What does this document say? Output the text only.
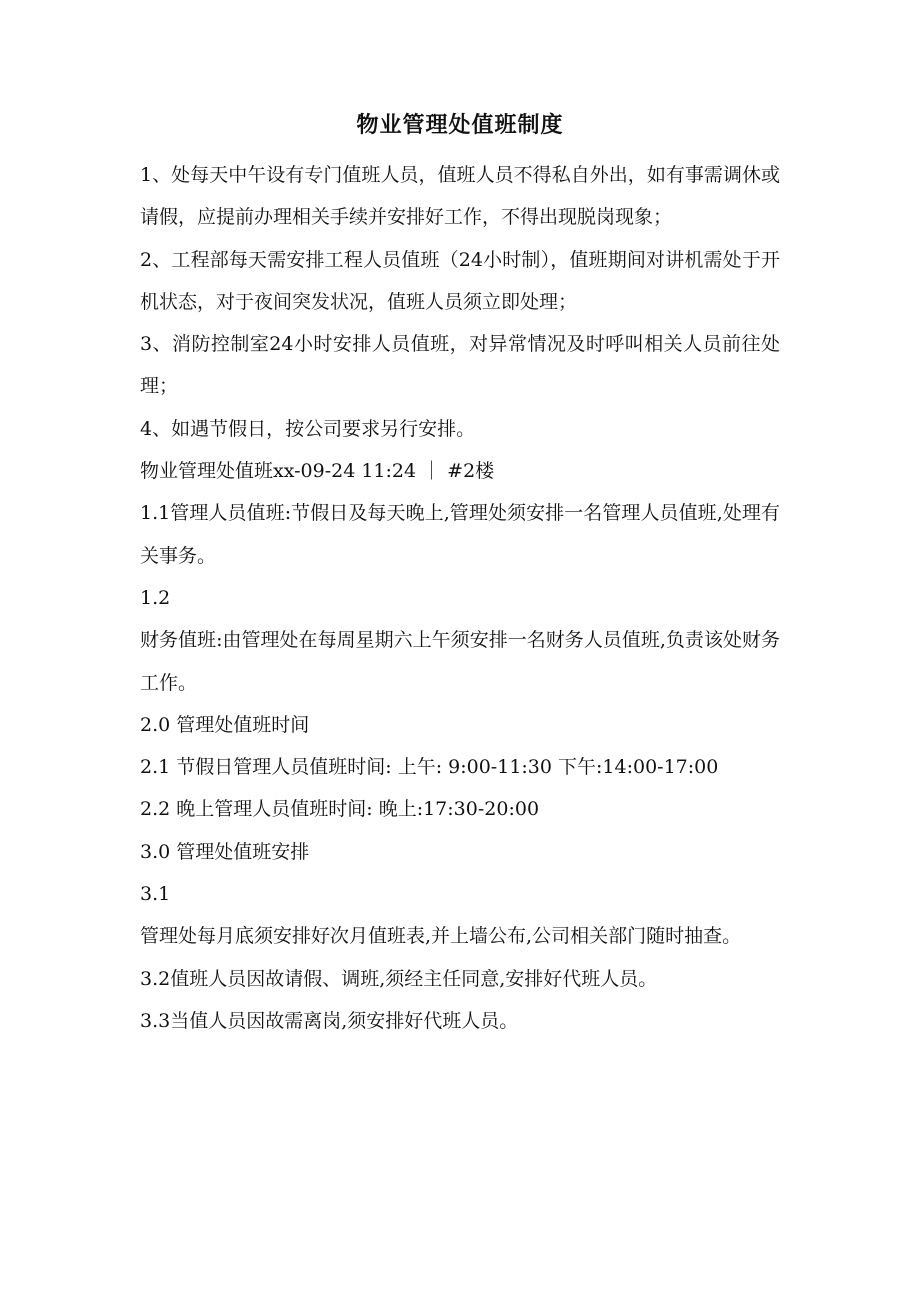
物业管理处值班制度

1、处每天中午设有专门值班人员，值班人员不得私自外出，如有事需调休或请假，应提前办理相关手续并安排好工作，不得出现脱岗现象；

2、工程部每天需安排工程人员值班（24小时制），值班期间对讲机需处于开机状态，对于夜间突发状况，值班人员须立即处理；

3、消防控制室24小时安排人员值班，对异常情况及时呼叫相关人员前往处理；

4、如遇节假日，按公司要求另行安排。

物业管理处值班xx-09-24 11:24 ｜ #2楼

1.1管理人员值班:节假日及每天晚上,管理处须安排一名管理人员值班,处理有关事务。

1.2

财务值班:由管理处在每周星期六上午须安排一名财务人员值班,负责该处财务工作。

2.0 管理处值班时间

2.1 节假日管理人员值班时间: 上午: 9:00-11:30 下午:14:00-17:00

2.2 晚上管理人员值班时间: 晚上:17:30-20:00

3.0 管理处值班安排

3.1

管理处每月底须安排好次月值班表,并上墙公布,公司相关部门随时抽查。

3.2值班人员因故请假、调班,须经主任同意,安排好代班人员。

3.3当值人员因故需离岗,须安排好代班人员。
